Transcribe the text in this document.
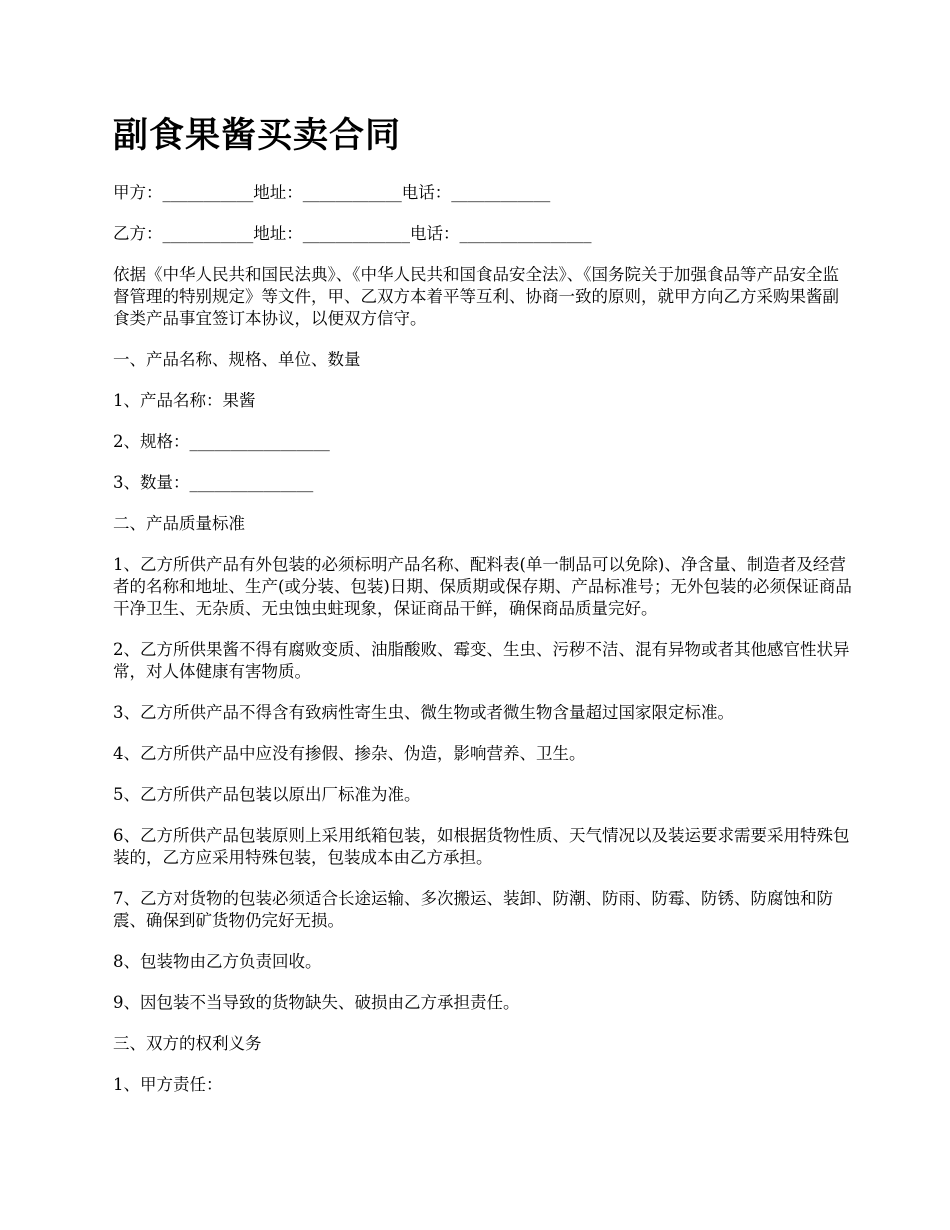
副食果酱买卖合同
甲方：___________地址：____________电话：____________
乙方：___________地址：_____________电话：________________
依据《中华人民共和国民法典》、《中华人民共和国食品安全法》、《国务院关于加强食品等产品安全监督管理的特别规定》等文件，甲、乙双方本着平等互利、协商一致的原则，就甲方向乙方采购果酱副食类产品事宜签订本协议，以便双方信守。
一、产品名称、规格、单位、数量
1、产品名称：果酱
2、规格：_________________
3、数量：_______________
二、产品质量标准
1、乙方所供产品有外包装的必须标明产品名称、配料表(单一制品可以免除)、净含量、制造者及经营者的名称和地址、生产(或分装、包装)日期、保质期或保存期、产品标准号；无外包装的必须保证商品干净卫生、无杂质、无虫蚀虫蛀现象，保证商品干鲜，确保商品质量完好。
2、乙方所供果酱不得有腐败变质、油脂酸败、霉变、生虫、污秽不洁、混有异物或者其他感官性状异常，对人体健康有害物质。
3、乙方所供产品不得含有致病性寄生虫、微生物或者微生物含量超过国家限定标准。
4、乙方所供产品中应没有掺假、掺杂、伪造，影响营养、卫生。
5、乙方所供产品包装以原出厂标准为准。
6、乙方所供产品包装原则上采用纸箱包装，如根据货物性质、天气情况以及装运要求需要采用特殊包装的，乙方应采用特殊包装，包装成本由乙方承担。
7、乙方对货物的包装必须适合长途运输、多次搬运、装卸、防潮、防雨、防霉、防锈、防腐蚀和防震、确保到矿货物仍完好无损。
8、包装物由乙方负责回收。
9、因包装不当导致的货物缺失、破损由乙方承担责任。
三、双方的权利义务
1、甲方责任：
